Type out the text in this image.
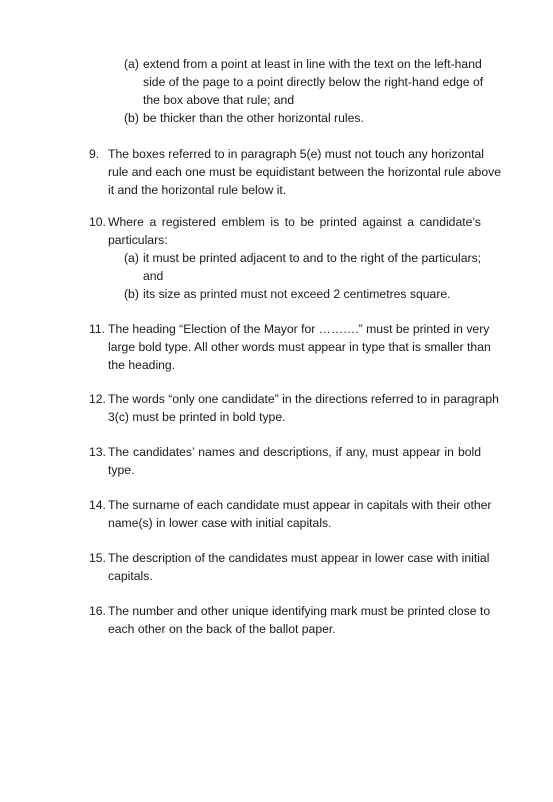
(a) extend from a point at least in line with the text on the left-hand
side of the page to a point directly below the right-hand edge of
the box above that rule; and
(b) be thicker than the other horizontal rules.
9. The boxes referred to in paragraph 5(e) must not touch any horizontal
rule and each one must be equidistant between the horizontal rule above
it and the horizontal rule below it.
10. Where a registered emblem is to be printed against a candidate’s
particulars:
(a) it must be printed adjacent to and to the right of the particulars;
and
(b) its size as printed must not exceed 2 centimetres square.
11. The heading “Election of the Mayor for ……….” must be printed in very
large bold type. All other words must appear in type that is smaller than
the heading.
12. The words “only one candidate” in the directions referred to in paragraph
3(c) must be printed in bold type.
13. The candidates’ names and descriptions, if any, must appear in bold
type.
14. The surname of each candidate must appear in capitals with their other
name(s) in lower case with initial capitals.
15. The description of the candidates must appear in lower case with initial
capitals.
16. The number and other unique identifying mark must be printed close to
each other on the back of the ballot paper.
